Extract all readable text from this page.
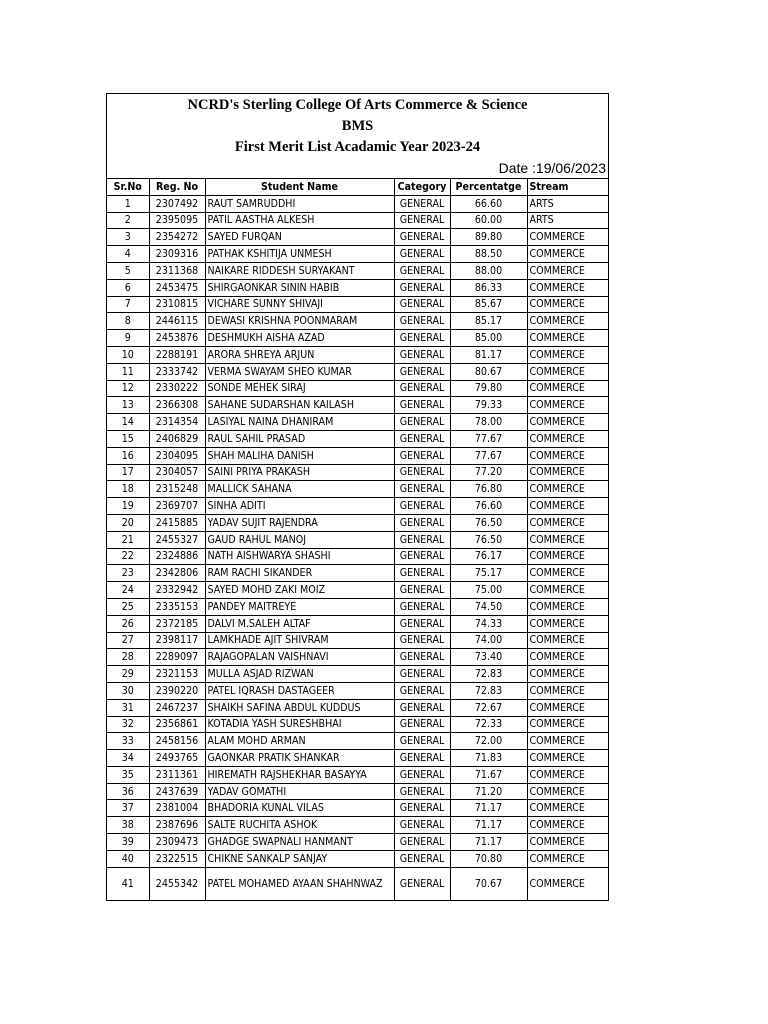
NCRD's Sterling College Of Arts Commerce & Science
BMS
First Merit List Acadamic Year 2023-24
Date :19/06/2023
Sr.No	Reg. No	Student Name	Category	Percentatge	Stream
1	2307492	RAUT SAMRUDDHI	GENERAL	66.60	ARTS
2	2395095	PATIL AASTHA ALKESH	GENERAL	60.00	ARTS
3	2354272	SAYED FURQAN	GENERAL	89.80	COMMERCE
4	2309316	PATHAK KSHITIJA UNMESH	GENERAL	88.50	COMMERCE
5	2311368	NAIKARE RIDDESH SURYAKANT	GENERAL	88.00	COMMERCE
6	2453475	SHIRGAONKAR SININ HABIB	GENERAL	86.33	COMMERCE
7	2310815	VICHARE SUNNY SHIVAJI	GENERAL	85.67	COMMERCE
8	2446115	DEWASI KRISHNA POONMARAM	GENERAL	85.17	COMMERCE
9	2453876	DESHMUKH AISHA AZAD	GENERAL	85.00	COMMERCE
10	2288191	ARORA SHREYA ARJUN	GENERAL	81.17	COMMERCE
11	2333742	VERMA SWAYAM SHEO KUMAR	GENERAL	80.67	COMMERCE
12	2330222	SONDE MEHEK SIRAJ	GENERAL	79.80	COMMERCE
13	2366308	SAHANE SUDARSHAN KAILASH	GENERAL	79.33	COMMERCE
14	2314354	LASIYAL NAINA DHANIRAM	GENERAL	78.00	COMMERCE
15	2406829	RAUL SAHIL PRASAD	GENERAL	77.67	COMMERCE
16	2304095	SHAH MALIHA DANISH	GENERAL	77.67	COMMERCE
17	2304057	SAINI PRIYA PRAKASH	GENERAL	77.20	COMMERCE
18	2315248	MALLICK SAHANA	GENERAL	76.80	COMMERCE
19	2369707	SINHA ADITI	GENERAL	76.60	COMMERCE
20	2415885	YADAV SUJIT RAJENDRA	GENERAL	76.50	COMMERCE
21	2455327	GAUD RAHUL MANOJ	GENERAL	76.50	COMMERCE
22	2324886	NATH AISHWARYA SHASHI	GENERAL	76.17	COMMERCE
23	2342806	RAM RACHI SIKANDER	GENERAL	75.17	COMMERCE
24	2332942	SAYED MOHD ZAKI MOIZ	GENERAL	75.00	COMMERCE
25	2335153	PANDEY MAITREYE	GENERAL	74.50	COMMERCE
26	2372185	DALVI M.SALEH ALTAF	GENERAL	74.33	COMMERCE
27	2398117	LAMKHADE AJIT SHIVRAM	GENERAL	74.00	COMMERCE
28	2289097	RAJAGOPALAN VAISHNAVI	GENERAL	73.40	COMMERCE
29	2321153	MULLA ASJAD RIZWAN	GENERAL	72.83	COMMERCE
30	2390220	PATEL IQRASH DASTAGEER	GENERAL	72.83	COMMERCE
31	2467237	SHAIKH SAFINA ABDUL KUDDUS	GENERAL	72.67	COMMERCE
32	2356861	KOTADIA YASH SURESHBHAI	GENERAL	72.33	COMMERCE
33	2458156	ALAM MOHD ARMAN	GENERAL	72.00	COMMERCE
34	2493765	GAONKAR PRATIK SHANKAR	GENERAL	71.83	COMMERCE
35	2311361	HIREMATH RAJSHEKHAR BASAYYA	GENERAL	71.67	COMMERCE
36	2437639	YADAV GOMATHI	GENERAL	71.20	COMMERCE
37	2381004	BHADORIA KUNAL VILAS	GENERAL	71.17	COMMERCE
38	2387696	SALTE RUCHITA ASHOK	GENERAL	71.17	COMMERCE
39	2309473	GHADGE SWAPNALI HANMANT	GENERAL	71.17	COMMERCE
40	2322515	CHIKNE SANKALP SANJAY	GENERAL	70.80	COMMERCE
41	2455342	PATEL MOHAMED AYAAN SHAHNWAZ	GENERAL	70.67	COMMERCE
